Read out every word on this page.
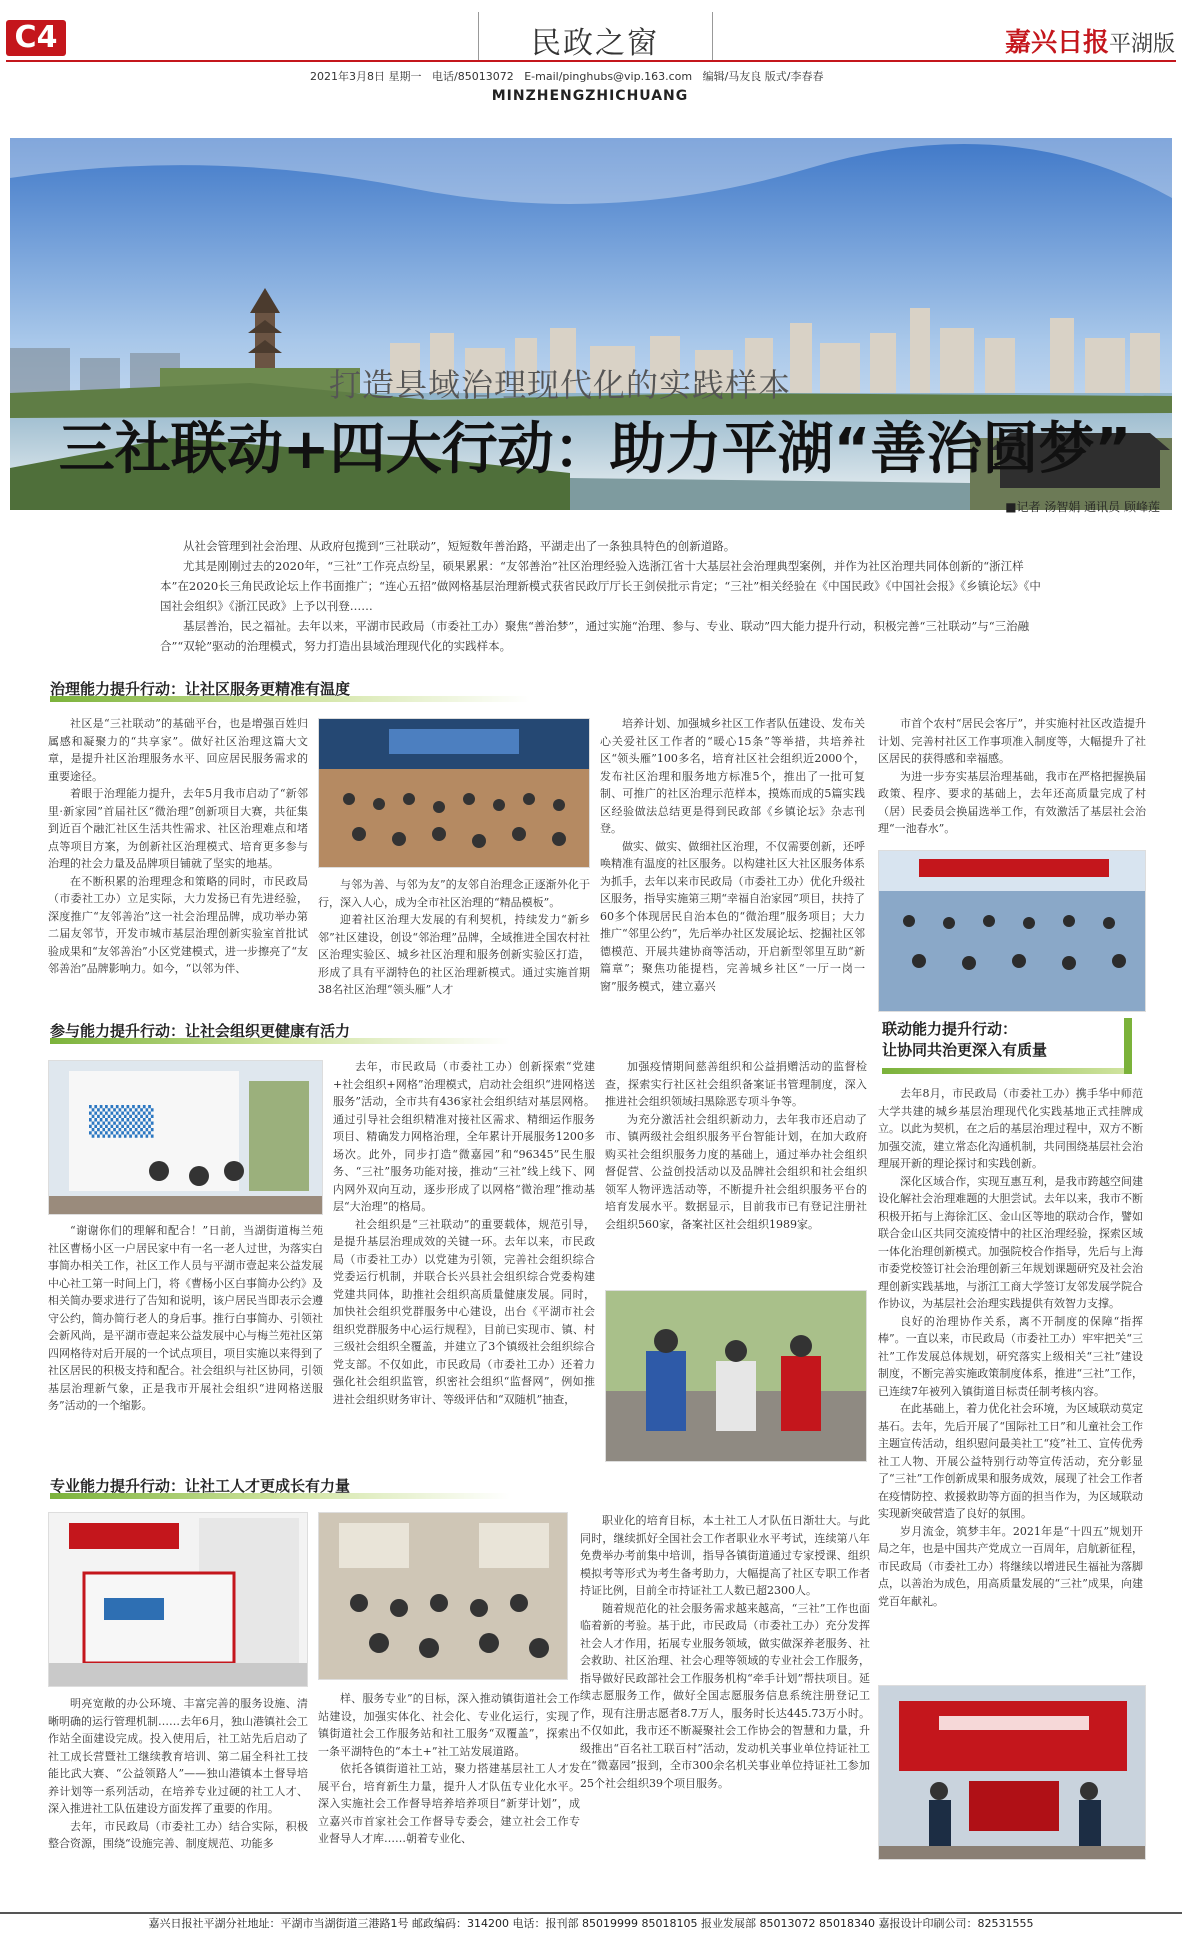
C4	民政之窗	嘉兴日报平湖版
2021年3月8日 星期一 电话/85013072 E-mail/pinghubs@vip.163.com 编辑/马友良 版式/李春春
MINZHENGZHICHUANG
打造县域治理现代化的实践样本
三社联动+四大行动：助力平湖“善治圆梦”
■记者 汤智娟 通讯员 顾峰莲

从社会管理到社会治理、从政府包揽到“三社联动”，短短数年善治路，平湖走出了一条独具特色的创新道路。

尤其是刚刚过去的2020年，“三社”工作亮点纷呈，硕果累累：“友邻善治”社区治理经验入选浙江省十大基层社会治理典型案例，并作为社区治理共同体创新的“浙江样本”在2020长三角民政论坛上作书面推广；“连心五招”做网格基层治理新模式获省民政厅厅长王剑侯批示肯定；“三社”相关经验在《中国民政》《中国社会报》《乡镇论坛》《中国社会组织》《浙江民政》上予以刊登……

基层善治，民之福祉。去年以来，平湖市民政局（市委社工办）聚焦“善治梦”，通过实施“治理、参与、专业、联动”四大能力提升行动，积极完善“三社联动”与“三治融合”“双轮”驱动的治理模式，努力打造出县域治理现代化的实践样本。

治理能力提升行动：让社区服务更精准有温度

社区是“三社联动”的基础平台，也是增强百姓归属感和凝聚力的“共享家”。做好社区治理这篇大文章，是提升社区治理服务水平、回应居民服务需求的重要途径。

着眼于治理能力提升，去年5月我市启动了“新邻里·新家园”首届社区“微治理”创新项目大赛，共征集到近百个融汇社区生活共性需求、社区治理难点和堵点等项目方案，为创新社区治理模式、培育更多参与治理的社会力量及品牌项目铺就了坚实的地基。

在不断积累的治理理念和策略的同时，市民政局（市委社工办）立足实际，大力发扬已有先进经验，深度推广“友邻善治”这一社会治理品牌，成功举办第二届友邻节，开发市城市基层治理创新实验室首批试验成果和“友邻善治”小区党建模式，进一步擦亮了“友邻善治”品牌影响力。如今，“以邻为伴、

与邻为善、与邻为友”的友邻自治理念正逐渐外化于行，深入人心，成为全市社区治理的“精品模板”。

迎着社区治理大发展的有利契机，持续发力“新乡邻”社区建设，创设“邻治理”品牌，全域推进全国农村社区治理实验区、城乡社区治理和服务创新实验区打造，形成了具有平湖特色的社区治理新模式。通过实施首期38名社区治理“领头雁”人才

培养计划、加强城乡社区工作者队伍建设、发布关心关爱社区工作者的“暖心15条”等举措，共培养社区“领头雁”100多名，培育社区社会组织近2000个，发布社区治理和服务地方标准5个，推出了一批可复制、可推广的社区治理示范样本，摸炼而成的5篇实践区经验做法总结更是得到民政部《乡镇论坛》杂志刊登。

做实、做实、做细社区治理，不仅需要创新，还呼唤精准有温度的社区服务。以构建社区大社区服务体系为抓手，去年以来市民政局（市委社工办）优化升级社区服务，指导实施第三期“幸福自治家园”项目，扶持了60多个体现居民自治本色的“微治理”服务项目；大力推广“邻里公约”，先后举办社区发展论坛、挖掘社区邻德模范、开展共建协商等活动，开启新型邻里互助“新篇章”；聚焦功能提档，完善城乡社区“一厅一岗一窗”服务模式，建立嘉兴

市首个农村“居民会客厅”，并实施村社区改造提升计划、完善村社区工作事项准入制度等，大幅提升了社区居民的获得感和幸福感。

为进一步夯实基层治理基础，我市在严格把握换届政策、程序、要求的基础上，去年还高质量完成了村（居）民委员会换届选举工作，有效激活了基层社会治理“一池春水”。

参与能力提升行动：让社会组织更健康有活力
▒▒▒

“谢谢你们的理解和配合！”日前，当湖街道梅兰苑社区曹杨小区一户居民家中有一名一老人过世，为落实白事简办相关工作，社区工作人员与平湖市壹起来公益发展中心社工第一时间上门，将《曹杨小区白事简办公约》及相关简办要求进行了告知和说明，该户居民当即表示会遵守公约，简办简行老人的身后事。推行白事简办、引领社会新风尚，是平湖市壹起来公益发展中心与梅兰苑社区第四网格待对后开展的一个试点项目，项目实施以来得到了社区居民的积极支持和配合。社会组织与社区协同，引领基层治理新气象，正是我市开展社会组织“进网格送服务”活动的一个缩影。

去年，市民政局（市委社工办）创新探索“党建+社会组织+网格”治理模式，启动社会组织“进网格送服务”活动，全市共有436家社会组织结对基层网格。通过引导社会组织精准对接社区需求、精细运作服务项目、精确发力网格治理，全年累计开展服务1200多场次。此外，同步打造“微嘉园”和“96345”民生服务、“三社”服务功能对接，推动“三社”线上线下、网内网外双向互动，逐步形成了以网格“微治理”推动基层“大治理”的格局。

社会组织是“三社联动”的重要载体，规范引导，是提升基层治理成效的关键一环。去年以来，市民政局（市委社工办）以党建为引领，完善社会组织综合党委运行机制，并联合长兴县社会组织综合党委构建党建共同体，助推社会组织高质量健康发展。同时，加快社会组织党群服务中心建设，出台《平湖市社会组织党群服务中心运行规程》，目前已实现市、镇、村三级社会组织全覆盖，并建立了3个镇级社会组织综合党支部。不仅如此，市民政局（市委社工办）还着力强化社会组织监管，织密社会组织“监督网”，例如推进社会组织财务审计、等级评估和“双随机”抽查，

加强疫情期间慈善组织和公益捐赠活动的监督检查，探索实行社区社会组织备案证书管理制度，深入推进社会组织领域扫黑除恶专项斗争等。

为充分激活社会组织新动力，去年我市还启动了市、镇两级社会组织服务平台智能计划，在加大政府购买社会组织服务力度的基础上，通过举办社会组织督促营、公益创投活动以及品牌社会组织和社会组织领军人物评选活动等，不断提升社会组织服务平台的培育发展水平。数据显示，目前我市已有登记注册社会组织560家，备案社区社会组织1989家。

联动能力提升行动：
让协同共治更深入有质量

去年8月，市民政局（市委社工办）携手华中师范大学共建的城乡基层治理现代化实践基地正式挂牌成立。以此为契机，在之后的基层治理过程中，双方不断加强交流，建立常态化沟通机制，共同围绕基层社会治理展开新的理论探讨和实践创新。

深化区域合作，实现互惠互利，是我市跨越空间建设化解社会治理难题的大胆尝试。去年以来，我市不断积极开拓与上海徐汇区、金山区等地的联动合作，譬如联合金山区共同交流疫情中的社区治理经验，探索区域一体化治理创新模式。加强院校合作指导，先后与上海市委党校签订社会治理创新三年规划课题研究及社会治理创新实践基地，与浙江工商大学签订友邻发展学院合作协议，为基层社会治理实践提供有效智力支撑。

良好的治理协作关系，离不开制度的保障“指挥棒”。一直以来，市民政局（市委社工办）牢牢把关“三社”工作发展总体规划，研究落实上级相关“三社”建设制度，不断完善实施政策制度体系，推进“三社”工作，已连续7年被列入镇街道目标责任制考核内容。

在此基础上，着力优化社会环境，为区域联动莫定基石。去年，先后开展了“国际社工日”和儿童社会工作主题宣传活动，组织慰问最美社工“疫”社工、宣传优秀社工人物、开展公益特别行动等宣传活动，充分彰显了“三社”工作创新成果和服务成效，展现了社会工作者在疫情防控、救援救助等方面的担当作为，为区域联动实现新突破营造了良好的氛围。

岁月流金，筑梦丰年。2021年是“十四五”规划开局之年，也是中国共产党成立一百周年，启航新征程，市民政局（市委社工办）将继续以增进民生福祉为落脚点，以善治为成色，用高质量发展的“三社”成果，向建党百年献礼。

专业能力提升行动：让社工人才更成长有力量

明亮宽敞的办公环境、丰富完善的服务设施、清晰明确的运行管理机制……去年6月，独山港镇社会工作站全面建设完成。投入使用后，社工站先后启动了社工成长营暨社工继续教育培训、第二届全科社工技能比武大赛、“公益领路人”——独山港镇本土督导培养计划等一系列活动，在培养专业过硬的社工人才、深入推进社工队伍建设方面发挥了重要的作用。

去年，市民政局（市委社工办）结合实际，积极整合资源，围绕“设施完善、制度规范、功能多

样、服务专业”的目标，深入推动镇街道社会工作站建设，加强实体化、社会化、专业化运行，实现了镇街道社会工作服务站和社工服务“双覆盖”，探索出一条平湖特色的“本土+”社工站发展道路。

依托各镇街道社工站，聚力搭建基层社工人才发展平台，培育新生力量，提升人才队伍专业化水平。深入实施社会工作督导培养培养项目“新芽计划”，成立嘉兴市首家社会工作督导专委会，建立社会工作专业督导人才库……朝着专业化、

职业化的培育目标，本土社工人才队伍日渐壮大。与此同时，继续抓好全国社会工作者职业水平考试，连续第八年免费举办考前集中培训，指导各镇街道通过专家授课、组织模拟考等形式为考生备考助力，大幅提高了社区专职工作者持证比例，目前全市持证社工人数已超2300人。

随着规范化的社会服务需求越来越高，“三社”工作也面临着新的考验。基于此，市民政局（市委社工办）充分发挥社会人才作用，拓展专业服务领域，做实做深养老服务、社会救助、社区治理、社会心理等领域的专业社会工作服务，指导做好民政部社会工作服务机构“牵手计划”帮扶项目。延续志愿服务工作，做好全国志愿服务信息系统注册登记工作，现有注册志愿者8.7万人，服务时长达445.73万小时。不仅如此，我市还不断凝聚社会工作协会的智慧和力量，升级推出“百名社工联百村”活动，发动机关事业单位持证社工在“微嘉园”报到，全市300余名机关事业单位持证社工参加25个社会组织39个项目服务。

嘉兴日报社平湖分社地址：平湖市当湖街道三港路1号 邮政编码：314200 电话：报刊部 85019999 85018105 报业发展部 85013072 85018340 嘉报设计印刷公司：82531555
